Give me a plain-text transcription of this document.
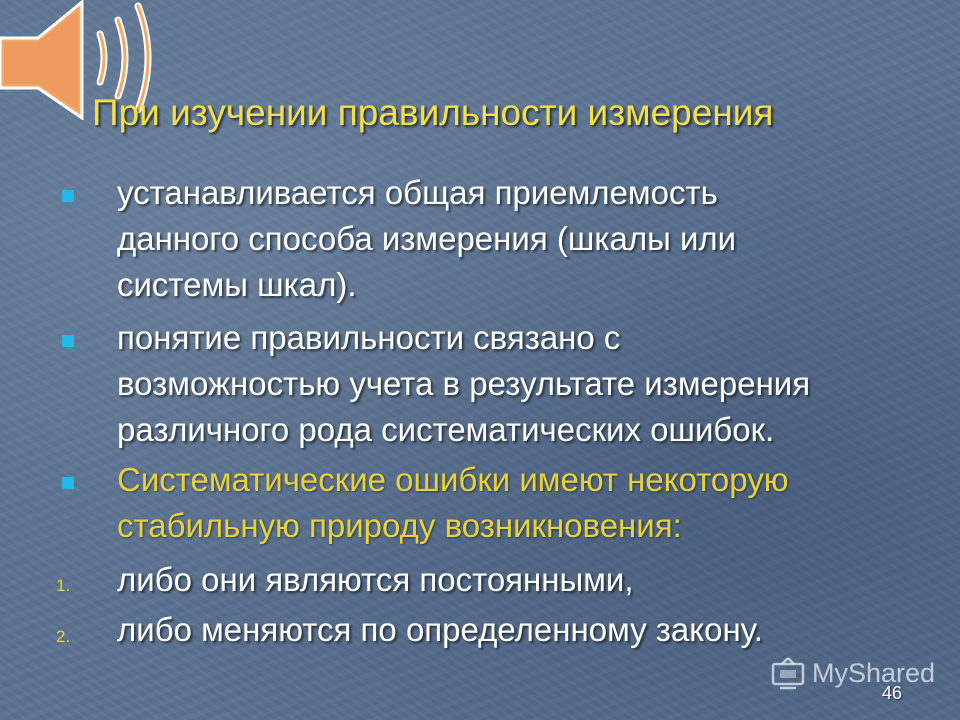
При изучении правильности измерения
устанавливается общая приемлемость
данного способа измерения (шкалы или
системы шкал).
понятие правильности связано с
возможностью учета в результате измерения
различного рода систематических ошибок.
Систематические ошибки имеют некоторую
стабильную природу возникновения:
1. либо они являются постоянными,
2. либо меняются по определенному закону.
MyShared
46
